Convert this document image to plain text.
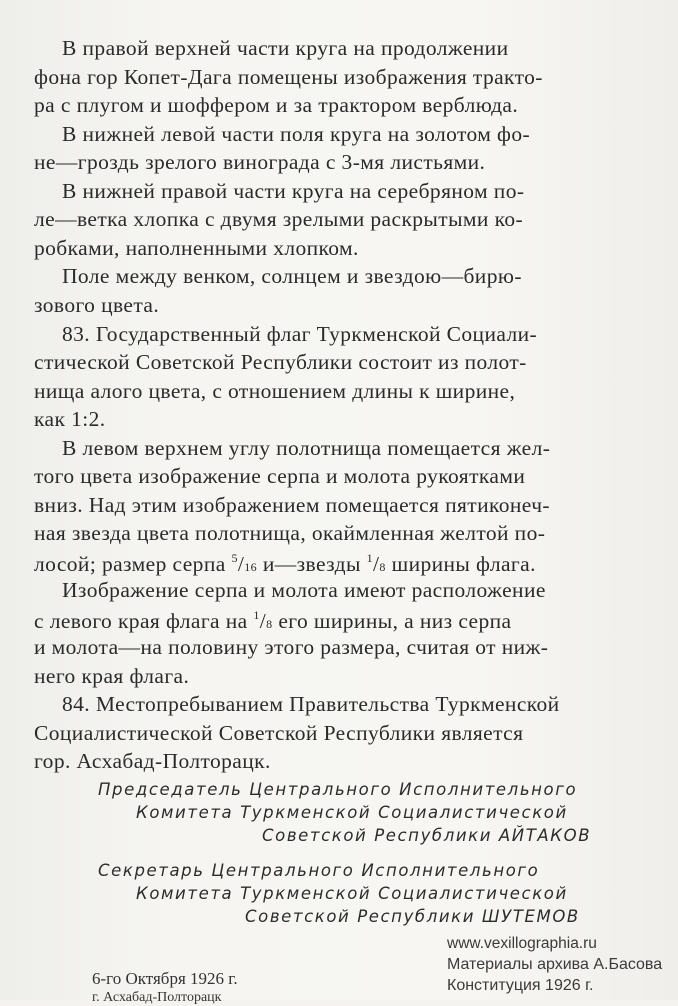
В правой верхней части круга на продолжении
фона гор Копет-Дага помещены изображения тракто-
ра с плугом и шоффером и за трактором верблюда.
В нижней левой части поля круга на золотом фо-
не—гроздь зрелого винограда с 3-мя листьями.
В нижней правой части круга на серебряном по-
ле—ветка хлопка с двумя зрелыми раскрытыми ко-
робками, наполненными хлопком.
Поле между венком, солнцем и звездою—бирю-
зового цвета.
83. Государственный флаг Туркменской Социали-
стической Советской Республики состоит из полот-
нища алого цвета, с отношением длины к ширине,
как 1:2.
В левом верхнем углу полотнища помещается жел-
того цвета изображение серпа и молота рукоятками
вниз. Над этим изображением помещается пятиконеч-
ная звезда цвета полотнища, окаймленная желтой по-
лосой; размер серпа $^5$/16 и—звезды $^1$/8 ширины флага.
Изображение серпа и молота имеют расположение
с левого края флага на $^1$/8 его ширины, а низ серпа
и молота—на половину этого размера, считая от ниж-
него края флага.
84. Местопребыванием Правительства Туркменской
Социалистической Советской Республики является
гор. Асхабад-Полторацк.
Председатель Центрального Исполнительного
Комитета Туркменской Социалистической
Советской Республики АЙТАКОВ
Секретарь Центрального Исполнительного
Комитета Туркменской Социалистической
Советской Республики ШУТЕМОВ
6-го Октября 1926 г.
г. Асхабад-Полторацк
www.vexillographia.ru
Материалы архива А.Басова
Конституция 1926 г.
